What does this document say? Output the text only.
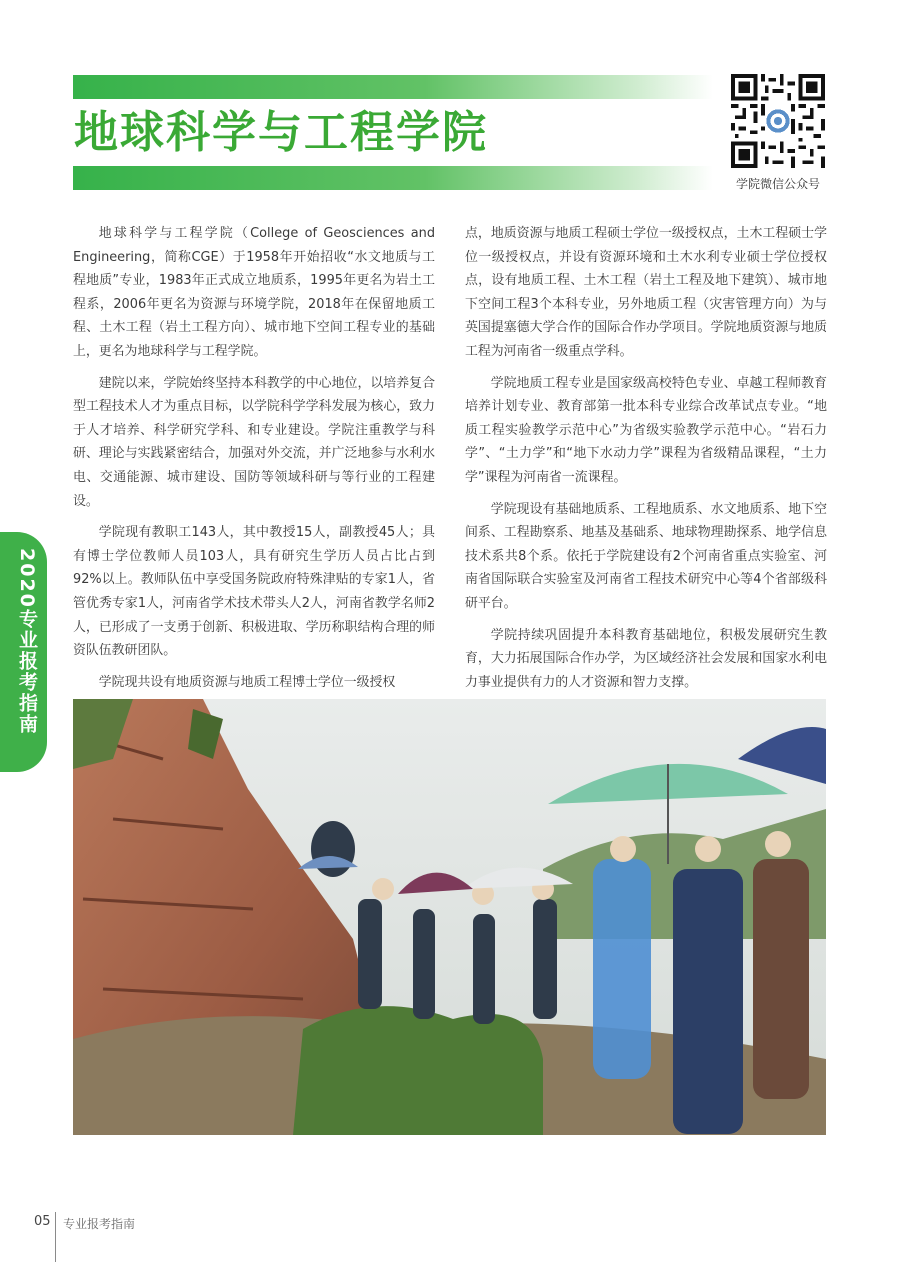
地球科学与工程学院
学院微信公众号

地球科学与工程学院（College of Geosciences and Engineering，简称CGE）于1958年开始招收“水文地质与工程地质”专业，1983年正式成立地质系，1995年更名为岩土工程系，2006年更名为资源与环境学院，2018年在保留地质工程、土木工程（岩土工程方向）、城市地下空间工程专业的基础上，更名为地球科学与工程学院。

建院以来，学院始终坚持本科教学的中心地位，以培养复合型工程技术人才为重点目标，以学院科学学科发展为核心，致力于人才培养、科学研究学科、和专业建设。学院注重教学与科研、理论与实践紧密结合，加强对外交流，并广泛地参与水利水电、交通能源、城市建设、国防等领域科研与等行业的工程建设。

学院现有教职工143人，其中教授15人，副教授45人；具有博士学位教师人员103人，具有研究生学历人员占比占到92%以上。教师队伍中享受国务院政府特殊津贴的专家1人，省管优秀专家1人，河南省学术技术带头人2人，河南省教学名师2人，已形成了一支勇于创新、积极进取、学历称职结构合理的师资队伍教研团队。

学院现共设有地质资源与地质工程博士学位一级授权

点，地质资源与地质工程硕士学位一级授权点，土木工程硕士学位一级授权点，并设有资源环境和土木水利专业硕士学位授权点，设有地质工程、土木工程（岩土工程及地下建筑）、城市地下空间工程3个本科专业，另外地质工程（灾害管理方向）为与英国提塞德大学合作的国际合作办学项目。学院地质资源与地质工程为河南省一级重点学科。

学院地质工程专业是国家级高校特色专业、卓越工程师教育培养计划专业、教育部第一批本科专业综合改革试点专业。“地质工程实验教学示范中心”为省级实验教学示范中心。“岩石力学”、“土力学”和“地下水动力学”课程为省级精品课程，“土力学”课程为河南省一流课程。

学院现设有基础地质系、工程地质系、水文地质系、地下空间系、工程勘察系、地基及基础系、地球物理勘探系、地学信息技术系共8个系。依托于学院建设有2个河南省重点实验室、河南省国际联合实验室及河南省工程技术研究中心等4个省部级科研平台。

学院持续巩固提升本科教育基础地位，积极发展研究生教育，大力拓展国际合作办学，为区域经济社会发展和国家水利电力事业提供有力的人才资源和智力支撑。

2020专业报考指南
05 专业报考指南
